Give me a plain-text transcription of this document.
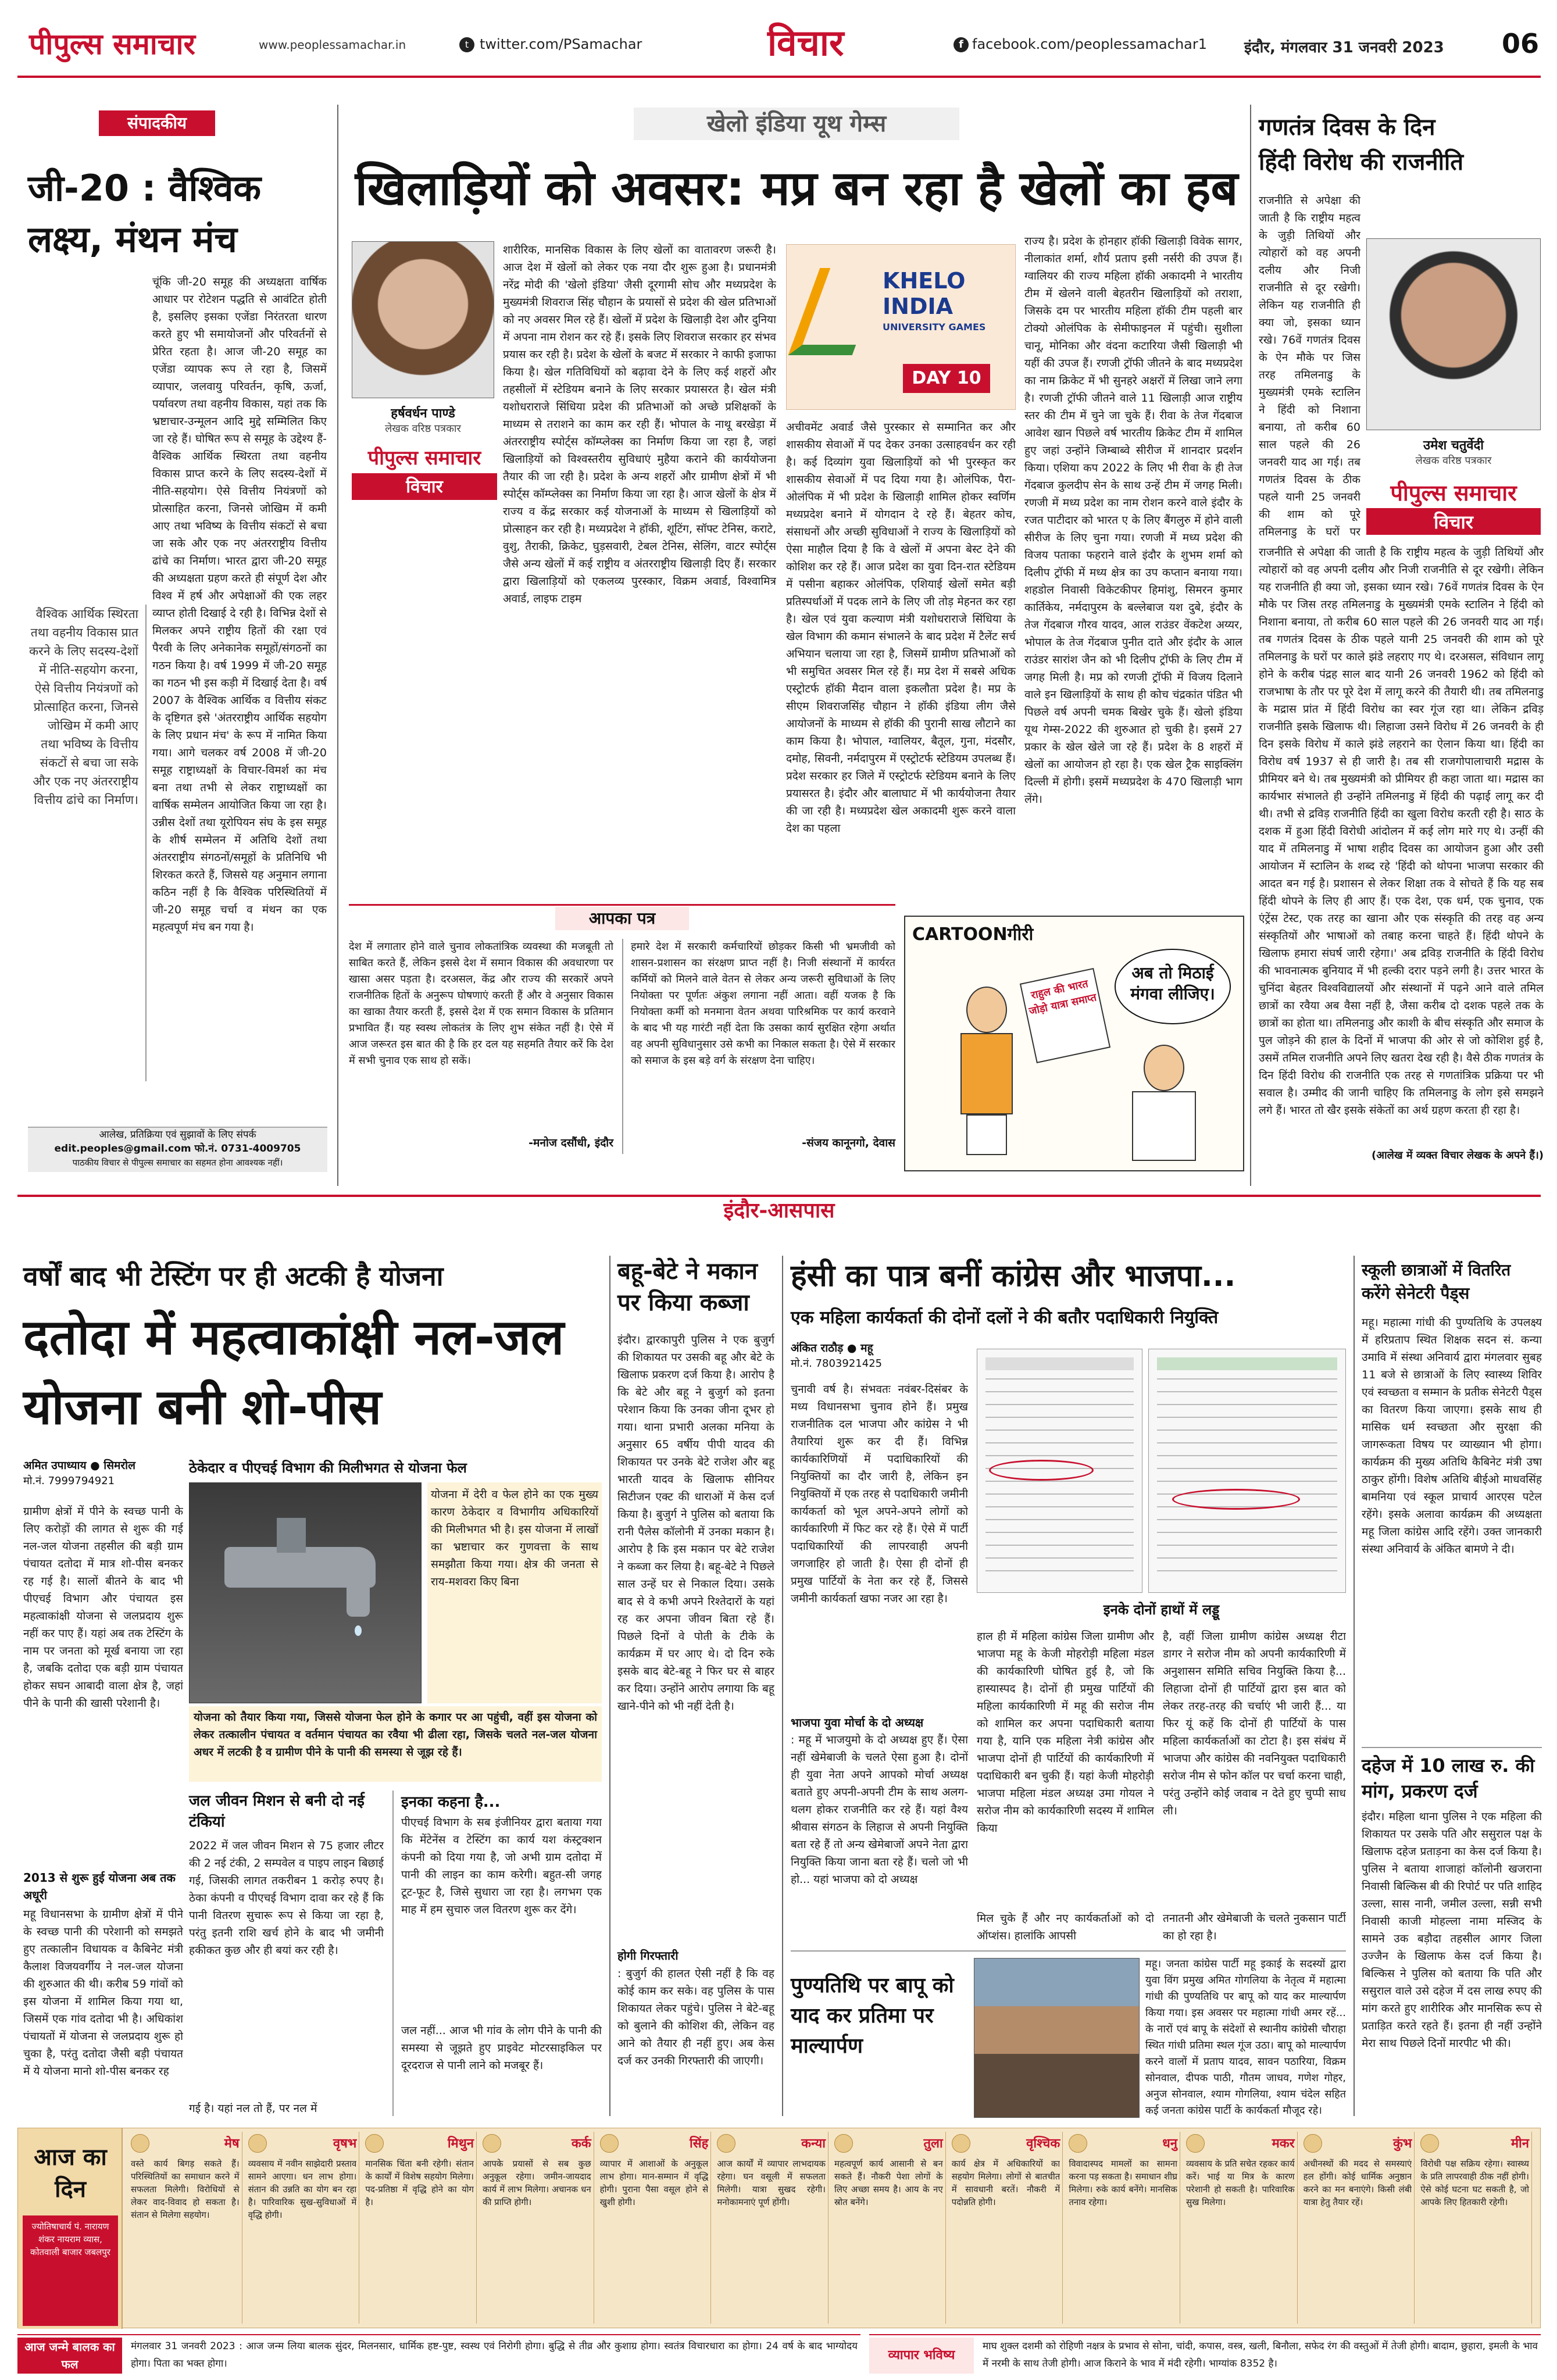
पीपुल्स समाचार	www.peoplessamachar.in	t twitter.com/PSamachar	विचार	f facebook.com/peoplessamachar1 इंदौर, मंगलवार 31 जनवरी 2023	06
संपादकीय
जी-20 : वैश्विक लक्ष्य, मंथन मंच
वैश्विक आर्थिक स्थिरता तथा वहनीय विकास प्रात करने के लिए सदस्य-देशों में नीति-सहयोग करना, ऐसे वित्तीय नियंत्रणों को प्रोत्साहित करना, जिनसे जोखिम में कमी आए तथा भविष्य के वित्तीय संकटों से बचा जा सके और एक नए अंतरराष्ट्रीय वित्तीय ढांचे का निर्माण।
चूंकि जी-20 समूह की अध्यक्षता वार्षिक आधार पर रोटेशन पद्धति से आवंटित होती है, इसलिए इसका एजेंडा निरंतरता धारण करते हुए भी समायोजनों और परिवर्तनों से प्रेरित रहता है। आज जी-20 समूह का एजेंडा व्यापक रूप ले रहा है, जिसमें व्यापार, जलवायु परिवर्तन, कृषि, ऊर्जा, पर्यावरण तथा वहनीय विकास, यहां तक कि भ्रष्टाचार-उन्मूलन आदि मुद्दे सम्मिलित किए जा रहे हैं। घोषित रूप से समूह के उद्देश्य हैं- वैश्विक आर्थिक स्थिरता तथा वहनीय विकास प्राप्त करने के लिए सदस्य-देशों में नीति-सहयोग। ऐसे वित्तीय नियंत्रणों को प्रोत्साहित करना, जिनसे जोखिम में कमी आए तथा भविष्य के वित्तीय संकटों से बचा जा सके और एक नए अंतरराष्ट्रीय वित्तीय ढांचे का निर्माण। भारत द्वारा जी-20 समूह की अध्यक्षता ग्रहण करते ही संपूर्ण देश और विश्व में हर्ष और अपेक्षाओं की एक लहर व्याप्त होती दिखाई दे रही है। विभिन्न देशों से मिलकर अपने राष्ट्रीय हितों की रक्षा एवं पैरवी के लिए अनेकानेक समूहों/संगठनों का गठन किया है। वर्ष 1999 में जी-20 समूह का गठन भी इस कड़ी में दिखाई देता है। वर्ष 2007 के वैश्विक आर्थिक व वित्तीय संकट के दृष्टिगत इसे 'अंतरराष्ट्रीय आर्थिक सहयोग के लिए प्रधान मंच' के रूप में नामित किया गया। आगे चलकर वर्ष 2008 में जी-20 समूह राष्ट्राध्यक्षों के विचार-विमर्श का मंच बना तथा तभी से लेकर राष्ट्राध्यक्षों का वार्षिक सम्मेलन आयोजित किया जा रहा है। उन्नीस देशों तथा यूरोपियन संघ के इस समूह के शीर्ष सम्मेलन में अतिथि देशों तथा अंतरराष्ट्रीय संगठनों/समूहों के प्रतिनिधि भी शिरकत करते हैं, जिससे यह अनुमान लगाना कठिन नहीं है कि वैश्विक परिस्थितियों में जी-20 समूह चर्चा व मंथन का एक महत्वपूर्ण मंच बन गया है।
आलेख, प्रतिक्रिया एवं सुझावों के लिए संपर्क
edit.peoples@gmail.com फो.नं. 0731-4009705
पाठकीय विचार से पीपुल्स समाचार का सहमत होना आवश्यक नहीं।
खेलो इंडिया यूथ गेम्स
खिलाड़ियों को अवसर: मप्र बन रहा है खेलों का हब
हर्षवर्धन पाण्डे
लेखक वरिष्ठ पत्रकार
पीपुल्स समाचार
विचार
शारीरिक, मानसिक विकास के लिए खेलों का वातावरण जरूरी है। आज देश में खेलों को लेकर एक नया दौर शुरू हुआ है। प्रधानमंत्री नरेंद्र मोदी की 'खेलो इंडिया' जैसी दूरगामी सोच और मध्यप्रदेश के मुख्यमंत्री शिवराज सिंह चौहान के प्रयासों से प्रदेश की खेल प्रतिभाओं को नए अवसर मिल रहे हैं। खेलों में प्रदेश के खिलाड़ी देश और दुनिया में अपना नाम रोशन कर रहे हैं। इसके लिए शिवराज सरकार हर संभव प्रयास कर रही है। प्रदेश के खेलों के बजट में सरकार ने काफी इजाफा किया है। खेल गतिविधियों को बढ़ावा देने के लिए कई शहरों और तहसीलों में स्टेडियम बनाने के लिए सरकार प्रयासरत है। खेल मंत्री यशोधराराजे सिंधिया प्रदेश की प्रतिभाओं को अच्छे प्रशिक्षकों के माध्यम से तराशने का काम कर रही हैं। भोपाल के नाथू बरखेड़ा में अंतरराष्ट्रीय स्पोर्ट्स कॉम्प्लेक्स का निर्माण किया जा रहा है, जहां खिलाड़ियों को विश्वस्तरीय सुविधाएं मुहैया कराने की कार्ययोजना तैयार की जा रही है। प्रदेश के अन्य शहरों और ग्रामीण क्षेत्रों में भी स्पोर्ट्स कॉम्प्लेक्स का निर्माण किया जा रहा है। आज खेलों के क्षेत्र में राज्य व केंद्र सरकार कई योजनाओं के माध्यम से खिलाड़ियों को प्रोत्साहन कर रही है। मध्यप्रदेश ने हॉकी, शूटिंग, सॉफ्ट टेनिस, कराटे, वुशु, तैराकी, क्रिकेट, घुड़सवारी, टेबल टेनिस, सेलिंग, वाटर स्पोर्ट्स जैसे अन्य खेलों में कई राष्ट्रीय व अंतरराष्ट्रीय खिलाड़ी दिए हैं। सरकार द्वारा खिलाड़ियों को एकलव्य पुरस्कार, विक्रम अवार्ड, विश्वामित्र अवार्ड, लाइफ टाइम
KHELO INDIA
UNIVERSITY GAMES
DAY 10
अचीवमेंट अवार्ड जैसे पुरस्कार से सम्मानित कर और शासकीय सेवाओं में पद देकर उनका उत्साहवर्धन कर रही है। कई दिव्यांग युवा खिलाड़ियों को भी पुरस्कृत कर शासकीय सेवाओं में पद दिया गया है। ओलंपिक, पैरा-ओलंपिक में भी प्रदेश के खिलाड़ी शामिल होकर स्वर्णिम मध्यप्रदेश बनाने में योगदान दे रहे हैं। बेहतर कोच, संसाधनों और अच्छी सुविधाओं ने राज्य के खिलाड़ियों को ऐसा माहौल दिया है कि वे खेलों में अपना बेस्ट देने की कोशिश कर रहे हैं। आज प्रदेश का युवा दिन-रात स्टेडियम में पसीना बहाकर ओलंपिक, एशियाई खेलों समेत बड़ी प्रतिस्पर्धाओं में पदक लाने के लिए जी तोड़ मेहनत कर रहा है। खेल एवं युवा कल्याण मंत्री यशोधराराजे सिंधिया के खेल विभाग की कमान संभालने के बाद प्रदेश में टैलेंट सर्च अभियान चलाया जा रहा है, जिसमें ग्रामीण प्रतिभाओं को भी समुचित अवसर मिल रहे हैं। मप्र देश में सबसे अधिक एस्ट्रोटर्फ हॉकी मैदान वाला इकलौता प्रदेश है। मप्र के सीएम शिवराजसिंह चौहान ने हॉकी इंडिया लीग जैसे आयोजनों के माध्यम से हॉकी की पुरानी साख लौटाने का काम किया है। भोपाल, ग्वालियर, बैतूल, गुना, मंदसौर, दमोह, सिवनी, नर्मदापुरम में एस्ट्रोटर्फ स्टेडियम उपलब्ध हैं। प्रदेश सरकार हर जिले में एस्ट्रोटर्फ स्टेडियम बनाने के लिए प्रयासरत है। इंदौर और बालाघाट में भी कार्ययोजना तैयार की जा रही है। मध्यप्रदेश खेल अकादमी शुरू करने वाला देश का पहला
राज्य है। प्रदेश के होनहार हॉकी खिलाड़ी विवेक सागर, नीलाकांत शर्मा, शौर्य प्रताप इसी नर्सरी की उपज हैं। ग्वालियर की राज्य महिला हॉकी अकादमी ने भारतीय टीम में खेलने वाली बेहतरीन खिलाड़ियों को तराशा, जिसके दम पर भारतीय महिला हॉकी टीम पहली बार टोक्यो ओलंपिक के सेमीफाइनल में पहुंची। सुशीला चानू, मोनिका और वंदना कटारिया जैसी खिलाड़ी भी यहीं की उपज हैं। रणजी ट्रॉफी जीतने के बाद मध्यप्रदेश का नाम क्रिकेट में भी सुनहरे अक्षरों में लिखा जाने लगा है। रणजी ट्रॉफी जीतने वाले 11 खिलाड़ी आज राष्ट्रीय स्तर की टीम में चुने जा चुके हैं। रीवा के तेज गेंदबाज आवेश खान पिछले वर्ष भारतीय क्रिकेट टीम में शामिल हुए जहां उन्होंने जिम्बाब्वे सीरीज में शानदार प्रदर्शन किया। एशिया कप 2022 के लिए भी रीवा के ही तेज गेंदबाज कुलदीप सेन के साथ उन्हें टीम में जगह मिली। रणजी में मध्य प्रदेश का नाम रोशन करने वाले इंदौर के रजत पाटीदार को भारत ए के लिए बैंगलुरु में होने वाली सीरीज के लिए चुना गया। रणजी में मध्य प्रदेश की विजय पताका फहराने वाले इंदौर के शुभम शर्मा को दिलीप ट्रॉफी में मध्य क्षेत्र का उप कप्तान बनाया गया। शहडोल निवासी विकेटकीपर हिमांशु, सिमरन कुमार कार्तिकेय, नर्मदापुरम के बल्लेबाज यश दुबे, इंदौर के तेज गेंदबाज गौरव यादव, आल राउंडर वेंकटेश अय्यर, भोपाल के तेज गेंदबाज पुनीत दाते और इंदौर के आल राउंडर सारांश जैन को भी दिलीप ट्रॉफी के लिए टीम में जगह मिली है। मप्र को रणजी ट्रॉफी में विजय दिलाने वाले इन खिलाड़ियों के साथ ही कोच चंद्रकांत पंडित भी पिछले वर्ष अपनी चमक बिखेर चुके हैं। खेलो इंडिया यूथ गेम्स-2022 की शुरुआत हो चुकी है। इसमें 27 प्रकार के खेल खेले जा रहे हैं। प्रदेश के 8 शहरों में खेलों का आयोजन हो रहा है। एक खेल ट्रैक साइक्लिंग दिल्ली में होगी। इसमें मध्यप्रदेश के 470 खिलाड़ी भाग लेंगे।
गणतंत्र दिवस के दिन
हिंदी विरोध की राजनीति
उमेश चतुर्वेदी
लेखक वरिष्ठ पत्रकार
पीपुल्स समाचार
विचार
राजनीति से अपेक्षा की जाती है कि राष्ट्रीय महत्व के जुड़ी तिथियों और त्योहारों को वह अपनी दलीय और निजी राजनीति से दूर रखेगी। लेकिन यह राजनीति ही क्या जो, इसका ध्यान रखे। 76वें गणतंत्र दिवस के ऐन मौके पर जिस तरह तमिलनाडु के मुख्यमंत्री एमके स्टालिन ने हिंदी को निशाना बनाया, तो करीब 60 साल पहले की 26 जनवरी याद आ गई। तब गणतंत्र दिवस के ठीक पहले यानी 25 जनवरी की शाम को पूरे तमिलनाडु के घरों पर
राजनीति से अपेक्षा की जाती है कि राष्ट्रीय महत्व के जुड़ी तिथियों और त्योहारों को वह अपनी दलीय और निजी राजनीति से दूर रखेगी। लेकिन यह राजनीति ही क्या जो, इसका ध्यान रखे। 76वें गणतंत्र दिवस के ऐन मौके पर जिस तरह तमिलनाडु के मुख्यमंत्री एमके स्टालिन ने हिंदी को निशाना बनाया, तो करीब 60 साल पहले की 26 जनवरी याद आ गई। तब गणतंत्र दिवस के ठीक पहले यानी 25 जनवरी की शाम को पूरे तमिलनाडु के घरों पर काले झंडे लहराए गए थे। दरअसल, संविधान लागू होने के करीब पंद्रह साल बाद यानी 26 जनवरी 1962 को हिंदी को राजभाषा के तौर पर पूरे देश में लागू करने की तैयारी थी। तब तमिलनाडु के मद्रास प्रांत में हिंदी विरोध का स्वर गूंज रहा था। लेकिन द्रविड़ राजनीति इसके खिलाफ थी। लिहाजा उसने विरोध में 26 जनवरी के ही दिन इसके विरोध में काले झंडे लहराने का ऐलान किया था। हिंदी का विरोध वर्ष 1937 से ही जारी है। तब सी राजगोपालाचारी मद्रास के प्रीमियर बने थे। तब मुख्यमंत्री को प्रीमियर ही कहा जाता था। मद्रास का कार्यभार संभालते ही उन्होंने तमिलनाडु में हिंदी की पढ़ाई लागू कर दी थी। तभी से द्रविड़ राजनीति हिंदी का खुला विरोध करती रही है। साठ के दशक में हुआ हिंदी विरोधी आंदोलन में कई लोग मारे गए थे। उन्हीं की याद में तमिलनाडु में भाषा शहीद दिवस का आयोजन हुआ और उसी आयोजन में स्टालिन के शब्द रहे 'हिंदी को थोपना भाजपा सरकार की आदत बन गई है। प्रशासन से लेकर शिक्षा तक वे सोचते हैं कि यह सब हिंदी थोपने के लिए ही आए हैं। एक देश, एक धर्म, एक चुनाव, एक एंट्रेंस टेस्ट, एक तरह का खाना और एक संस्कृति की तरह वह अन्य संस्कृतियों और भाषाओं को तबाह करना चाहते हैं। हिंदी थोपने के खिलाफ हमारा संघर्ष जारी रहेगा।' अब द्रविड़ राजनीति के हिंदी विरोध की भावनात्मक बुनियाद में भी हल्की दरार पड़ने लगी है। उत्तर भारत के चुनिंदा बेहतर विश्वविद्यालयों और संस्थानों में पढ़ने आने वाले तमिल छात्रों का रवैया अब वैसा नहीं है, जैसा करीब दो दशक पहले तक के छात्रों का होता था। तमिलनाडु और काशी के बीच संस्कृति और समाज के पुल जोड़ने की हाल के दिनों में भाजपा की ओर से जो कोशिश हुई है, उसमें तमिल राजनीति अपने लिए खतरा देख रही है। वैसे ठीक गणतंत्र के दिन हिंदी विरोध की राजनीति एक तरह से गणतांत्रिक प्रक्रिया पर भी सवाल है। उम्मीद की जानी चाहिए कि तमिलनाडु के लोग इसे समझने लगे हैं। भारत तो खैर इसके संकेतों का अर्थ ग्रहण करता ही रहा है।
(आलेख में व्यक्त विचार लेखक के अपने हैं।)
आपका पत्र
देश में लगातार होने वाले चुनाव लोकतांत्रिक व्यवस्था की मजबूती तो साबित करते हैं, लेकिन इससे देश में समान विकास की अवधारणा पर खासा असर पड़ता है। दरअसल, केंद्र और राज्य की सरकारें अपने राजनीतिक हितों के अनुरूप घोषणाएं करती हैं और वे अनुसार विकास का खाका तैयार करती हैं, इससे देश में एक समान विकास के प्रतिमान प्रभावित हैं। यह स्वस्थ लोकतंत्र के लिए शुभ संकेत नहीं है। ऐसे में आज जरूरत इस बात की है कि हर दल यह सहमति तैयार करें कि देश में सभी चुनाव एक साथ हो सकें।
-मनोज दसौंधी, इंदौर
हमारे देश में सरकारी कर्मचारियों छोड़कर किसी भी भ्रमजीवी को शासन-प्रशासन का संरक्षण प्राप्त नहीं है। निजी संस्थानों में कार्यरत कर्मियों को मिलने वाले वेतन से लेकर अन्य जरूरी सुविधाओं के लिए नियोक्ता पर पूर्णतः अंकुश लगाना नहीं आता। वहीं यजक है कि नियोक्ता कर्मी को मनमाना वेतन अथवा पारिश्रमिक पर कार्य करवाने के बाद भी यह गारंटी नहीं देता कि उसका कार्य सुरक्षित रहेगा अर्थात वह अपनी सुविधानुसार उसे कभी का निकाल सकता है। ऐसे में सरकार को समाज के इस बड़े वर्ग के संरक्षण देना चाहिए।
-संजय कानूनगो, देवास
CARTOONगीरी
राहुल की भारत जोड़ो यात्रा समाप्त
अब तो मिठाई मंगवा लीजिए।
इंदौर-आसपास
वर्षों बाद भी टेस्टिंग पर ही अटकी है योजना
दतोदा में महत्वाकांक्षी नल-जल योजना बनी शो-पीस
अमित उपाध्याय ● सिमरोल
मो.नं. 7999794921
ग्रामीण क्षेत्रों में पीने के स्वच्छ पानी के लिए करोड़ों की लागत से शुरू की गई नल-जल योजना तहसील की बड़ी ग्राम पंचायत दतोदा में मात्र शो-पीस बनकर रह गई है। सालों बीतने के बाद भी पीएचई विभाग और पंचायत इस महत्वाकांक्षी योजना से जलप्रदाय शुरू नहीं कर पाए हैं। यहां अब तक टेस्टिंग के नाम पर जनता को मूर्ख बनाया जा रहा है, जबकि दतोदा एक बड़ी ग्राम पंचायत होकर सघन आबादी वाला क्षेत्र है, जहां पीने के पानी की खासी परेशानी है।
2013 से शुरू हुई योजना अब तक अधूरी
महू विधानसभा के ग्रामीण क्षेत्रों में पीने के स्वच्छ पानी की परेशानी को समझते हुए तत्कालीन विधायक व कैबिनेट मंत्री कैलाश विजयवर्गीय ने नल-जल योजना की शुरुआत की थी। करीब 59 गांवों को इस योजना में शामिल किया गया था, जिसमें एक गांव दतोदा भी है। अधिकांश पंचायतों में योजना से जलप्रदाय शुरू हो चुका है, परंतु दतोदा जैसी बड़ी पंचायत में ये योजना मानो शो-पीस बनकर रह
ठेकेदार व पीएचई विभाग की मिलीभगत से योजना फेल
योजना में देरी व फेल होने का एक मुख्य कारण ठेकेदार व विभागीय अधिकारियों की मिलीभगत भी है। इस योजना में लाखों का भ्रष्टाचार कर गुणवत्ता के साथ समझौता किया गया। क्षेत्र की जनता से राय-मशवरा किए बिना
योजना को तैयार किया गया, जिससे योजना फेल होने के कगार पर आ पहुंची, वहीं इस योजना को लेकर तत्कालीन पंचायत व वर्तमान पंचायत का रवैया भी ढीला रहा, जिसके चलते नल-जल योजना अधर में लटकी है व ग्रामीण पीने के पानी की समस्या से जूझ रहे हैं।
जल जीवन मिशन से बनी दो नई टंकियां
2022 में जल जीवन मिशन से 75 हजार लीटर की 2 नई टंकी, 2 सम्पवेल व पाइप लाइन बिछाई गई, जिसकी लागत तकरीबन 1 करोड़ रुपए है। ठेका कंपनी व पीएचई विभाग दावा कर रहे हैं कि पानी वितरण सुचारू रूप से किया जा रहा है, परंतु इतनी राशि खर्च होने के बाद भी जमीनी हकीकत कुछ और ही बयां कर रही है।
इनका कहना है...
पीएचई विभाग के सब इंजीनियर द्वारा बताया गया कि मेंटेनेंस व टेस्टिंग का कार्य यश कंस्ट्रक्शन कंपनी को दिया गया है, जो अभी ग्राम दतोदा में पानी की लाइन का काम करेगी। बहुत-सी जगह टूट-फूट है, जिसे सुधारा जा रहा है। लगभग एक माह में हम सुचारु जल वितरण शुरू कर देंगे।
जल नहीं... आज भी गांव के लोग पीने के पानी की समस्या से जूझते हुए प्राइवेट मोटरसाइकिल पर दूरदराज से पानी लाने को मजबूर हैं।
गई है। यहां नल तो हैं, पर नल में
बहू-बेटे ने मकान पर किया कब्जा
इंदौर। द्वारकापुरी पुलिस ने एक बुजुर्ग की शिकायत पर उसकी बहू और बेटे के खिलाफ प्रकरण दर्ज किया है। आरोप है कि बेटे और बहू ने बुजुर्ग को इतना परेशान किया कि उनका जीना दूभर हो गया। थाना प्रभारी अलका मनिया के अनुसार 65 वर्षीय पीपी यादव की शिकायत पर उनके बेटे राजेश और बहू भारती यादव के खिलाफ सीनियर सिटीजन एक्ट की धाराओं में केस दर्ज किया है। बुजुर्ग ने पुलिस को बताया कि रानी पैलेस कॉलोनी में उनका मकान है। आरोप है कि इस मकान पर बेटे राजेश ने कब्जा कर लिया है। बहू-बेटे ने पिछले साल उन्हें घर से निकाल दिया। उसके बाद से वे कभी अपने रिश्तेदारों के यहां रह कर अपना जीवन बिता रहे हैं। पिछले दिनों वे पोती के टीके के कार्यक्रम में घर आए थे। दो दिन रुके इसके बाद बेटे-बहू ने फिर घर से बाहर कर दिया। उन्होंने आरोप लगाया कि बहू खाने-पीने को भी नहीं देती है।
होगी गिरफ्तारी
: बुजुर्ग की हालत ऐसी नहीं है कि वह कोई काम कर सके। वह पुलिस के पास शिकायत लेकर पहुंचे। पुलिस ने बेटे-बहू को बुलाने की कोशिश की, लेकिन वह आने को तैयार ही नहीं हुए। अब केस दर्ज कर उनकी गिरफ्तारी की जाएगी।
हंसी का पात्र बनीं कांग्रेस और भाजपा...
एक महिला कार्यकर्ता की दोनों दलों ने की बतौर पदाधिकारी नियुक्ति
अंकित राठौड़ ● महू
मो.नं. 7803921425
चुनावी वर्ष है। संभवतः नवंबर-दिसंबर के मध्य विधानसभा चुनाव होने हैं। प्रमुख राजनीतिक दल भाजपा और कांग्रेस ने भी तैयारियां शुरू कर दी हैं। विभिन्न कार्यकारिणियों में पदाधिकारियों की नियुक्तियों का दौर जारी है, लेकिन इन नियुक्तियों में एक तरह से पदाधिकारी जमीनी कार्यकर्ता को भूल अपने-अपने लोगों को कार्यकारिणी में फिट कर रहे हैं। ऐसे में पार्टी पदाधिकारियों की लापरवाही अपनी जगजाहिर हो जाती है। ऐसा ही दोनों ही प्रमुख पार्टियों के नेता कर रहे हैं, जिससे जमीनी कार्यकर्ता खफा नजर आ रहा है।
भाजपा युवा मोर्चा के दो अध्यक्ष
: महू में भाजयुमो के दो अध्यक्ष हुए हैं। ऐसा नहीं खेमेबाजी के चलते ऐसा हुआ है। दोनों ही युवा नेता अपने आपको मोर्चा अध्यक्ष बताते हुए अपनी-अपनी टीम के साथ अलग-थलग होकर राजनीति कर रहे हैं। यहां वैश्य श्रीवास संगठन के लिहाज से अपनी नियुक्ति बता रहे हैं तो अन्य खेमेबाजों अपने नेता द्वारा नियुक्ति किया जाना बता रहे हैं। चलो जो भी हो... यहां भाजपा को दो अध्यक्ष
इनके दोनों हाथों में लड्डू
हाल ही में महिला कांग्रेस जिला ग्रामीण और भाजपा महू के केजी मोहरोड़ी महिला मंडल की कार्यकारिणी घोषित हुई है, जो कि हास्यास्पद है। दोनों ही प्रमुख पार्टियों की महिला कार्यकारिणी में महू की सरोज नीम को शामिल कर अपना पदाधिकारी बताया गया है, यानि एक महिला नेत्री कांग्रेस और भाजपा दोनों ही पार्टियों की कार्यकारिणी में पदाधिकारी बन चुकी हैं। यहां केजी मोहरोड़ी भाजपा महिला मंडल अध्यक्ष उमा गोयल ने सरोज नीम को कार्यकारिणी सदस्य में शामिल किया
है, वहीं जिला ग्रामीण कांग्रेस अध्यक्ष रीटा डागर ने सरोज नीम को अपनी कार्यकारिणी में अनुशासन समिति सचिव नियुक्ति किया है... लिहाजा दोनों ही पार्टियों द्वारा इस बात को लेकर तरह-तरह की चर्चाएं भी जारी हैं... या फिर यूं कहें कि दोनों ही पार्टियों के पास महिला कार्यकर्ताओं का टोटा है। इस संबंध में भाजपा और कांग्रेस की नवनियुक्त पदाधिकारी सरोज नीम से फोन कॉल पर चर्चा करना चाही, परंतु उन्होंने कोई जवाब न देते हुए चुप्पी साध ली।
मिल चुके हैं और नए कार्यकर्ताओं को दो ऑप्शंस। हालांकि आपसी
तनातनी और खेमेबाजी के चलते नुकसान पार्टी का हो रहा है।
पुण्यतिथि पर बापू को याद कर प्रतिमा पर माल्यार्पण
महू। जनता कांग्रेस पार्टी महू इकाई के सदस्यों द्वारा युवा विंग प्रमुख अमित गोगलिया के नेतृत्व में महात्मा गांधी की पुण्यतिथि पर बापू को याद कर माल्यार्पण किया गया। इस अवसर पर महात्मा गांधी अमर रहें... के नारों एवं बापू के संदेशों से स्थानीय कांग्रेसी चौराहा स्थित गांधी प्रतिमा स्थल गूंज उठा। बापू को माल्यार्पण करने वालों में प्रताप यादव, सावन पठारिया, विक्रम सोनवाल, दीपक पाठी, गौतम जाधव, गणेश गोहर, अनुज सोनवाल, श्याम गोगलिया, श्याम चंदेल सहित कई जनता कांग्रेस पार्टी के कार्यकर्ता मौजूद रहे।
स्कूली छात्राओं में वितरित करेंगे सेनेटरी पैड्स
महू। महात्मा गांधी की पुण्यतिथि के उपलक्ष्य में हरिप्रताप स्थित शिक्षक सदन सं. कन्या उमावि में संस्था अनिवार्य द्वारा मंगलवार सुबह 11 बजे से छात्राओं के लिए स्वास्थ्य शिविर एवं स्वच्छता व सम्मान के प्रतीक सेनेटरी पैड्स का वितरण किया जाएगा। इसके साथ ही मासिक धर्म स्वच्छता और सुरक्षा की जागरूकता विषय पर व्याख्यान भी होगा। कार्यक्रम की मुख्य अतिथि कैबिनेट मंत्री उषा ठाकुर होंगी। विशेष अतिथि बीईओ माधवसिंह बामनिया एवं स्कूल प्राचार्य आरएस पटेल रहेंगे। इसके अलावा कार्यक्रम की अध्यक्षता महू जिला कांग्रेस आदि रहेंगे। उक्त जानकारी संस्था अनिवार्य के अंकित बामणे ने दी।
दहेज में 10 लाख रु. की मांग, प्रकरण दर्ज
इंदौर। महिला थाना पुलिस ने एक महिला की शिकायत पर उसके पति और ससुराल पक्ष के खिलाफ दहेज प्रताड़ना का केस दर्ज किया है। पुलिस ने बताया शाजाहां कॉलोनी खजराना निवासी बिल्किस बी की रिपोर्ट पर पति शाहिद उल्ला, सास नानी, जमील उल्ला, सन्नी सभी निवासी काजी मोहल्ला नामा मस्जिद के सामने उक बड़ौदा तहसील आगर जिला उज्जैन के खिलाफ केस दर्ज किया है। बिल्किस ने पुलिस को बताया कि पति और ससुराल वाले उसे दहेज में दस लाख रुपए की मांग करते हुए शारीरिक और मानसिक रूप से प्रताड़ित करते रहते हैं। इतना ही नहीं उन्होंने मेरा साथ पिछले दिनों मारपीट भी की।
आज का
दिन
ज्योतिषाचार्य पं. नारायण शंकर नायराम व्यास, कोतवाली बाजार जबलपुर
मेष
वस्ते कार्य बिगड़ सकते हैं। परिस्थितियों का समाधान करने में सफलता मिलेगी। विरोधियों से लेकर वाद-विवाद हो सकता है। संतान से मिलेगा सहयोग।
वृषभ
व्यवसाय में नवीन साझेदारी प्रस्ताव सामने आएगा। धन लाभ होगा। संतान की उन्नति का योग बन रहा है। पारिवारिक सुख-सुविधाओं में वृद्धि होगी।
मिथुन
मानसिक चिंता बनी रहेगी। संतान के कार्यों में विशेष सहयोग मिलेगा। पद-प्रतिष्ठा में वृद्धि होने का योग है।
कर्क
आपके प्रयासों से सब कुछ अनुकूल रहेगा। जमीन-जायदाद कार्य में लाभ मिलेगा। अचानक धन की प्राप्ति होगी।
सिंह
व्यापार में आशाओं के अनुकूल लाभ होगा। मान-सम्मान में वृद्धि होगी। पुराना पैसा वसूल होने से खुशी होगी।
कन्या
आज कार्यों में व्यापार लाभदायक रहेगा। घन वसूली में सफलता मिलेगी। यात्रा सुखद रहेगी। मनोकामनाएं पूर्ण होंगी।
तुला
महत्वपूर्ण कार्य आसानी से बन सकते हैं। नौकरी पेशा लोगों के लिए अच्छा समय है। आय के नए स्रोत बनेंगे।
वृश्चिक
कार्य क्षेत्र में अधिकारियों का सहयोग मिलेगा। लोगों से बातचीत में सावधानी बरतें। नौकरी में पदोन्नति होगी।
धनु
विवादास्पद मामलों का सामना करना पड़ सकता है। समाधान शीघ्र मिलेगा। रुके कार्य बनेंगे। मानसिक तनाव रहेगा।
मकर
व्यवसाय के प्रति सचेत रहकर कार्य करें। भाई या मित्र के कारण परेशानी हो सकती है। पारिवारिक सुख मिलेगा।
कुंभ
अधीनस्थों की मदद से समस्याएं हल होंगी। कोई धार्मिक अनुष्ठान करने का मन बनाएंगे। किसी लंबी यात्रा हेतु तैयार रहें।
मीन
विरोधी पक्ष सक्रिय रहेगा। स्वास्थ्य के प्रति लापरवाही ठीक नहीं होगी। ऐसे कोई घटना घट सकती है, जो आपके लिए हितकारी रहेगी।
आज जन्मे बालक का फल
मंगलवार 31 जनवरी 2023 : आज जन्म लिया बालक सुंदर, मिलनसार, धार्मिक हष्ट-पुष्ट, स्वस्थ एवं निरोगी होगा। बुद्धि से तीव्र और कुशाग्र होगा। स्वतंत्र विचारधारा का होगा। 24 वर्ष के बाद भाग्योदय होगा। पिता का भक्त होगा।
व्यापार भविष्य
माघ शुक्ल दशमी को रोहिणी नक्षत्र के प्रभाव से सोना, चांदी, कपास, वस्त्र, खली, बिनौला, सफेद रंग की वस्तुओं में तेजी होगी। बादाम, छुहारा, इमली के भाव में नरमी के साथ तेजी होगी। आज किराने के भाव में मंदी रहेगी। भाग्यांक 8352 है।
